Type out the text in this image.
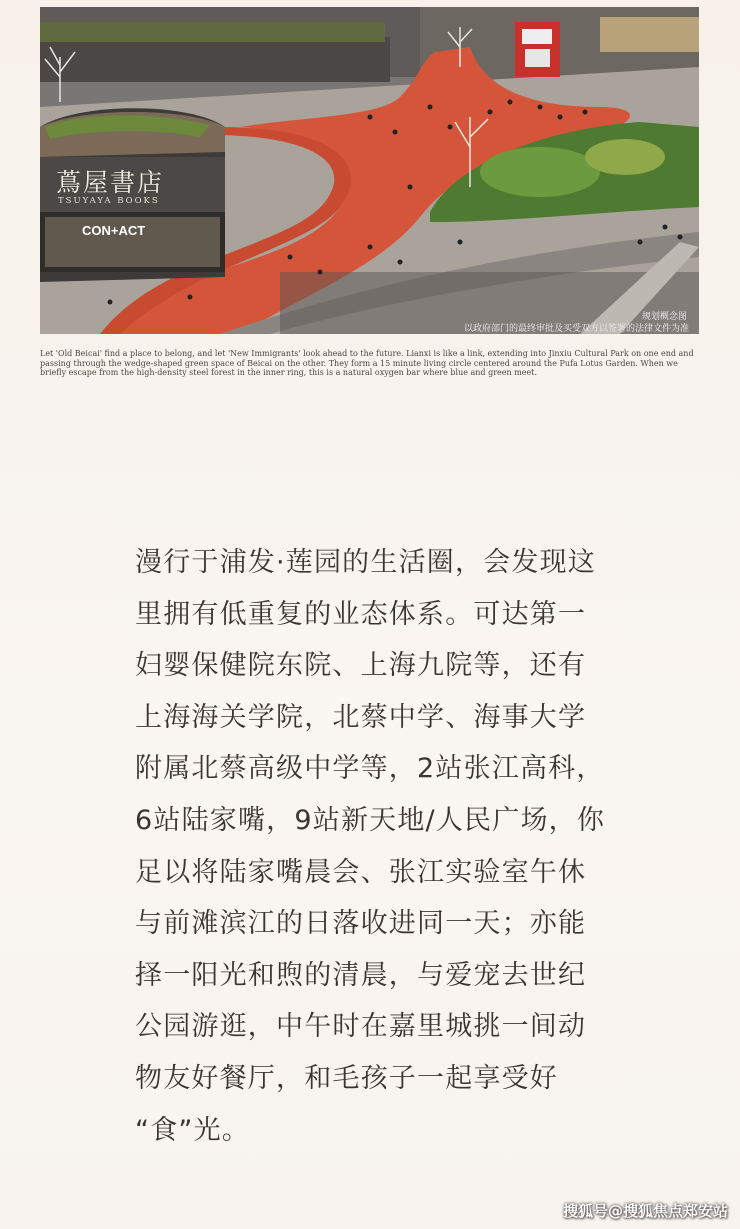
蔦屋書店
TSUYAYA BOOKS
CON+ACT
规划概念图
以政府部门的最终审批及买受双方以签署的法律文件为准

Let 'Old Beicai' find a place to belong, and let 'New Immigrants' look ahead to the future. Lianxi is like a link, extending into Jinxiu Cultural Park on one end and passing through the wedge-shaped green space of Beicai on the other. They form a 15 minute living circle centered around the Pufa Lotus Garden. When we briefly escape from the high-density steel forest in the inner ring, this is a natural oxygen bar where blue and green meet.

漫行于浦发·莲园的生活圈，会发现这
里拥有低重复的业态体系。可达第一
妇婴保健院东院、上海九院等，还有
上海海关学院，北蔡中学、海事大学
附属北蔡高级中学等，2站张江高科，
6站陆家嘴，9站新天地/人民广场，你
足以将陆家嘴晨会、张江实验室午休
与前滩滨江的日落收进同一天；亦能
择一阳光和煦的清晨，与爱宠去世纪
公园游逛，中午时在嘉里城挑一间动
物友好餐厅，和毛孩子一起享受好
“食”光。
搜狐号@搜狐焦点郑安站
